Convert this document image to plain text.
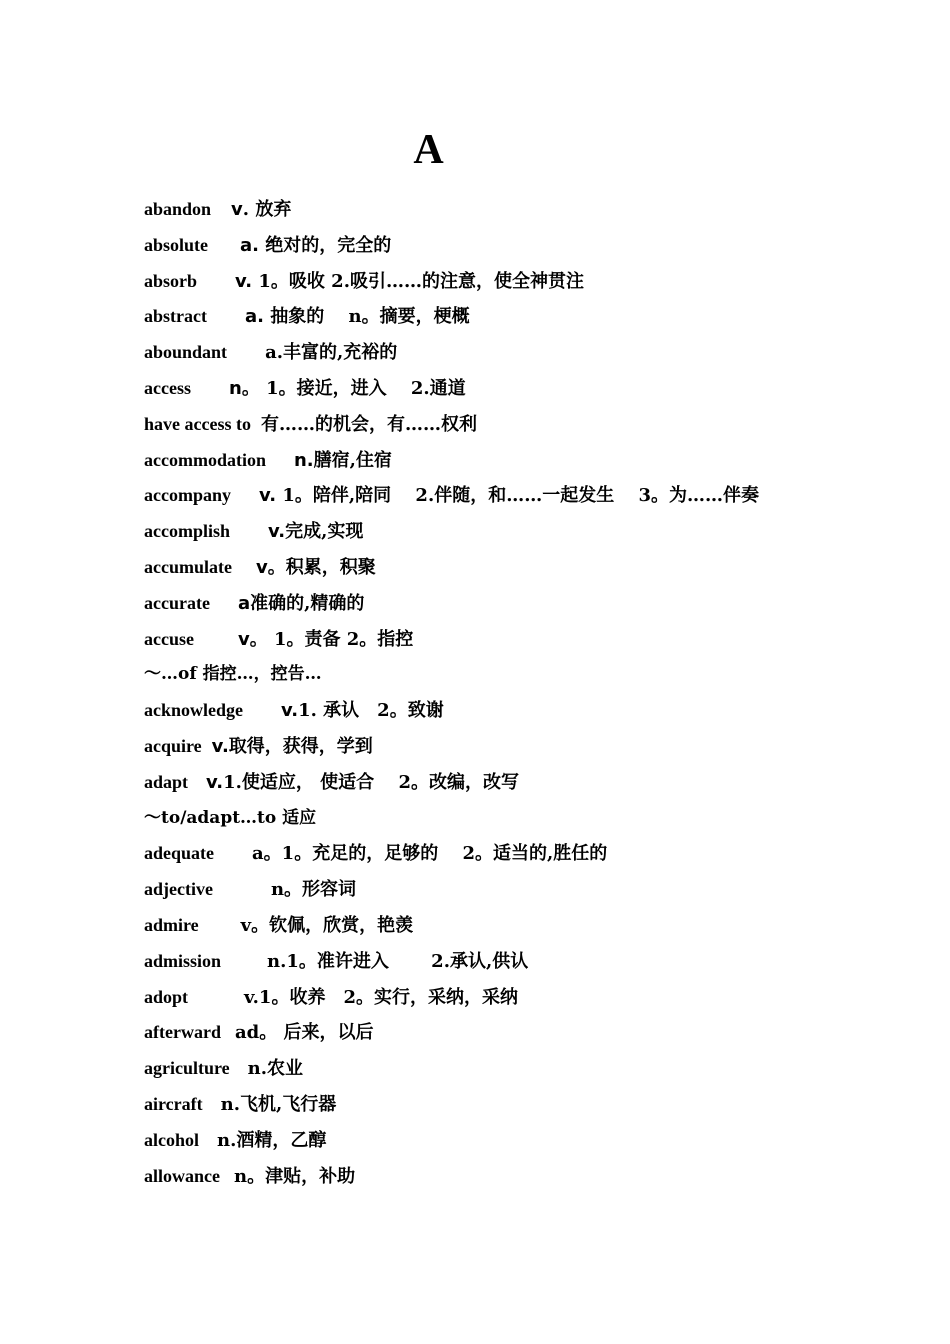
A
abandon v. 放弃
absolute a. 绝对的，完全的
absorb v. 1。吸收 2.吸引……的注意，使全神贯注
abstract a. 抽象的　 n。摘要，梗概
aboundant a.丰富的,充裕的
access n。 1。接近，进入　 2.通道
have access to 有……的机会，有……权利
accommodation n.膳宿,住宿
accompany v. 1。陪伴,陪同　 2.伴随，和……一起发生　 3。为……伴奏
accomplish v.完成,实现
accumulate v。积累，积聚
accurate a准确的,精确的
accuse v。 1。责备 2。指控
～…of 指控…，控告…
acknowledge v.1. 承认　2。致谢
acquire v.取得，获得，学到
adapt v.1.使适应， 使适合　 2。改编，改写
～to/adapt…to 适应
adequate a。1。充足的，足够的　 2。适当的,胜任的
adjective	n。形容词
admire v。钦佩，欣赏，艳羡
admission	n.1。准许进入　　 2.承认,供认
adopt	v.1。收养　2。实行，采纳，采纳
afterward ad。 后来，以后
agriculture n.农业
aircraft n.飞机,飞行器
alcohol n.酒精，乙醇
allowance n。津贴，补助
